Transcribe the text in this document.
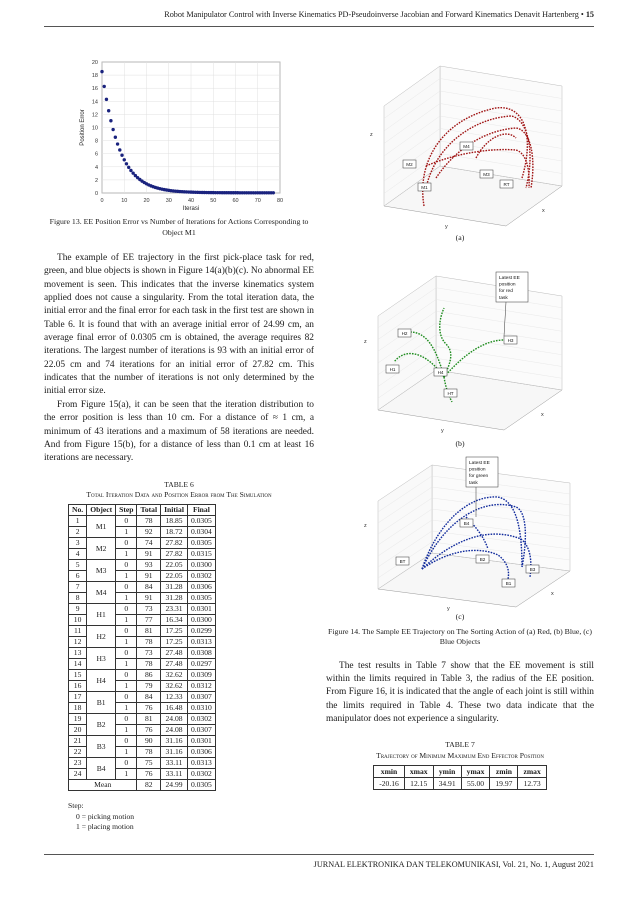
Robot Manipulator Control with Inverse Kinematics PD-Pseudoinverse Jacobian and Forward Kinematics Denavit Hartenberg • 15
0	10	20	30	40	50	60	70	80
0
2
4
6
8
10
12
14
16
18
20
Iterasi
Position Error
Figure 13. EE Position Error vs Number of Iterations for Actions Corresponding to Object M1

The example of EE trajectory in the first pick-place task for red, green, and blue objects is shown in Figure 14(a)(b)(c). No abnormal EE movement is seen. This indicates that the inverse kinematics system applied does not cause a singularity. From the total iteration data, the initial error and the final error for each task in the first test are shown in Table 6. It is found that with an average initial error of 24.99 cm, an average final error of 0.0305 cm is obtained, the average requires 82 iterations. The largest number of iterations is 93 with an initial error of 22.05 cm and 74 iterations for an initial error of 27.82 cm. This indicates that the number of iterations is not only determined by the initial error size.

From Figure 15(a), it can be seen that the iteration distribution to the error position is less than 10 cm. For a distance of ≈ 1 cm, a minimum of 43 iterations and a maximum of 58 iterations are needed. And from Figure 15(b), for a distance of less than 0.1 cm at least 16 iterations are necessary.

TABLE 6
Total Iteration Data and Position Error from The Simulation
No.	Object	Step	Total	Initial	Final
1	M1	0	78	18.85	0.0305
2		1	92	18.72	0.0304
3	M2	0	74	27.82	0.0305
4		1	91	27.82	0.0315
5	M3	0	93	22.05	0.0300
6		1	91	22.05	0.0302
7	M4	0	84	31.28	0.0306
8		1	91	31.28	0.0305
9	H1	0	73	23.31	0.0301
10		1	77	16.34	0.0300
11	H2	0	81	17.25	0.0299
12		1	78	17.25	0.0313
13	H3	0	73	27.48	0.0308
14		1	78	27.48	0.0297
15	H4	0	86	32.62	0.0309
16		1	79	32.62	0.0312
17	B1	0	84	12.33	0.0307
18		1	76	16.48	0.0310
19	B2	0	81	24.08	0.0302
20		1	76	24.08	0.0307
21	B3	0	90	31.16	0.0301
22		1	78	31.16	0.0306
23	B4	0	75	33.11	0.0313
24		1	76	33.11	0.0302
Mean			82	24.99	0.0305
Step:
0 = picking motion
1 = placing motion
M1
M2
M3
M4
RT
z
y
x
(a)
H1
H2
H3
H4
HT
z
y
x
Latest EE
position
for red
task
(b)
B1
B2
B3
BT
B4
z
y
x
Latest EE
position
for green
task
(c)
Figure 14. The Sample EE Trajectory on The Sorting Action of (a) Red, (b) Blue, (c) Blue Objects

The test results in Table 7 show that the EE movement is still within the limits required in Table 3, the radius of the EE position. From Figure 16, it is indicated that the angle of each joint is still within the limits required in Table 4. These two data indicate that the manipulator does not experience a singularity.

TABLE 7
Trajectory of Minimum Maximum End Effector Position
xmin	xmax	ymin	ymax	zmin	zmax
-20.16	12.15	34.91	55.00	19.97	12.73
JURNAL ELEKTRONIKA DAN TELEKOMUNIKASI, Vol. 21, No. 1, August 2021
